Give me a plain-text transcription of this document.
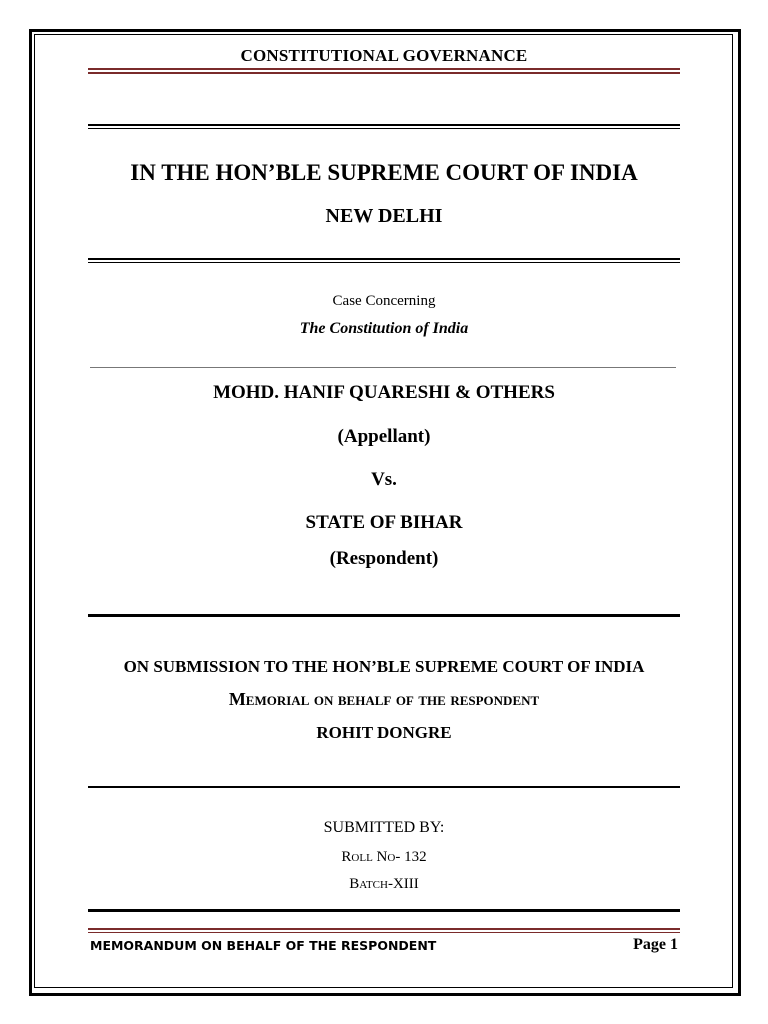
CONSTITUTIONAL GOVERNANCE
IN THE HON’BLE SUPREME COURT OF INDIA
NEW DELHI
Case Concerning
The Constitution of India
MOHD. HANIF QUARESHI & OTHERS
(Appellant)
Vs.
STATE OF BIHAR
(Respondent)
ON SUBMISSION TO THE HON’BLE SUPREME COURT OF INDIA
Memorial on behalf of the respondent
ROHIT DONGRE
SUBMITTED BY:
Roll No- 132
Batch-XIII
MEMORANDUM ON BEHALF OF THE RESPONDENT	Page 1
